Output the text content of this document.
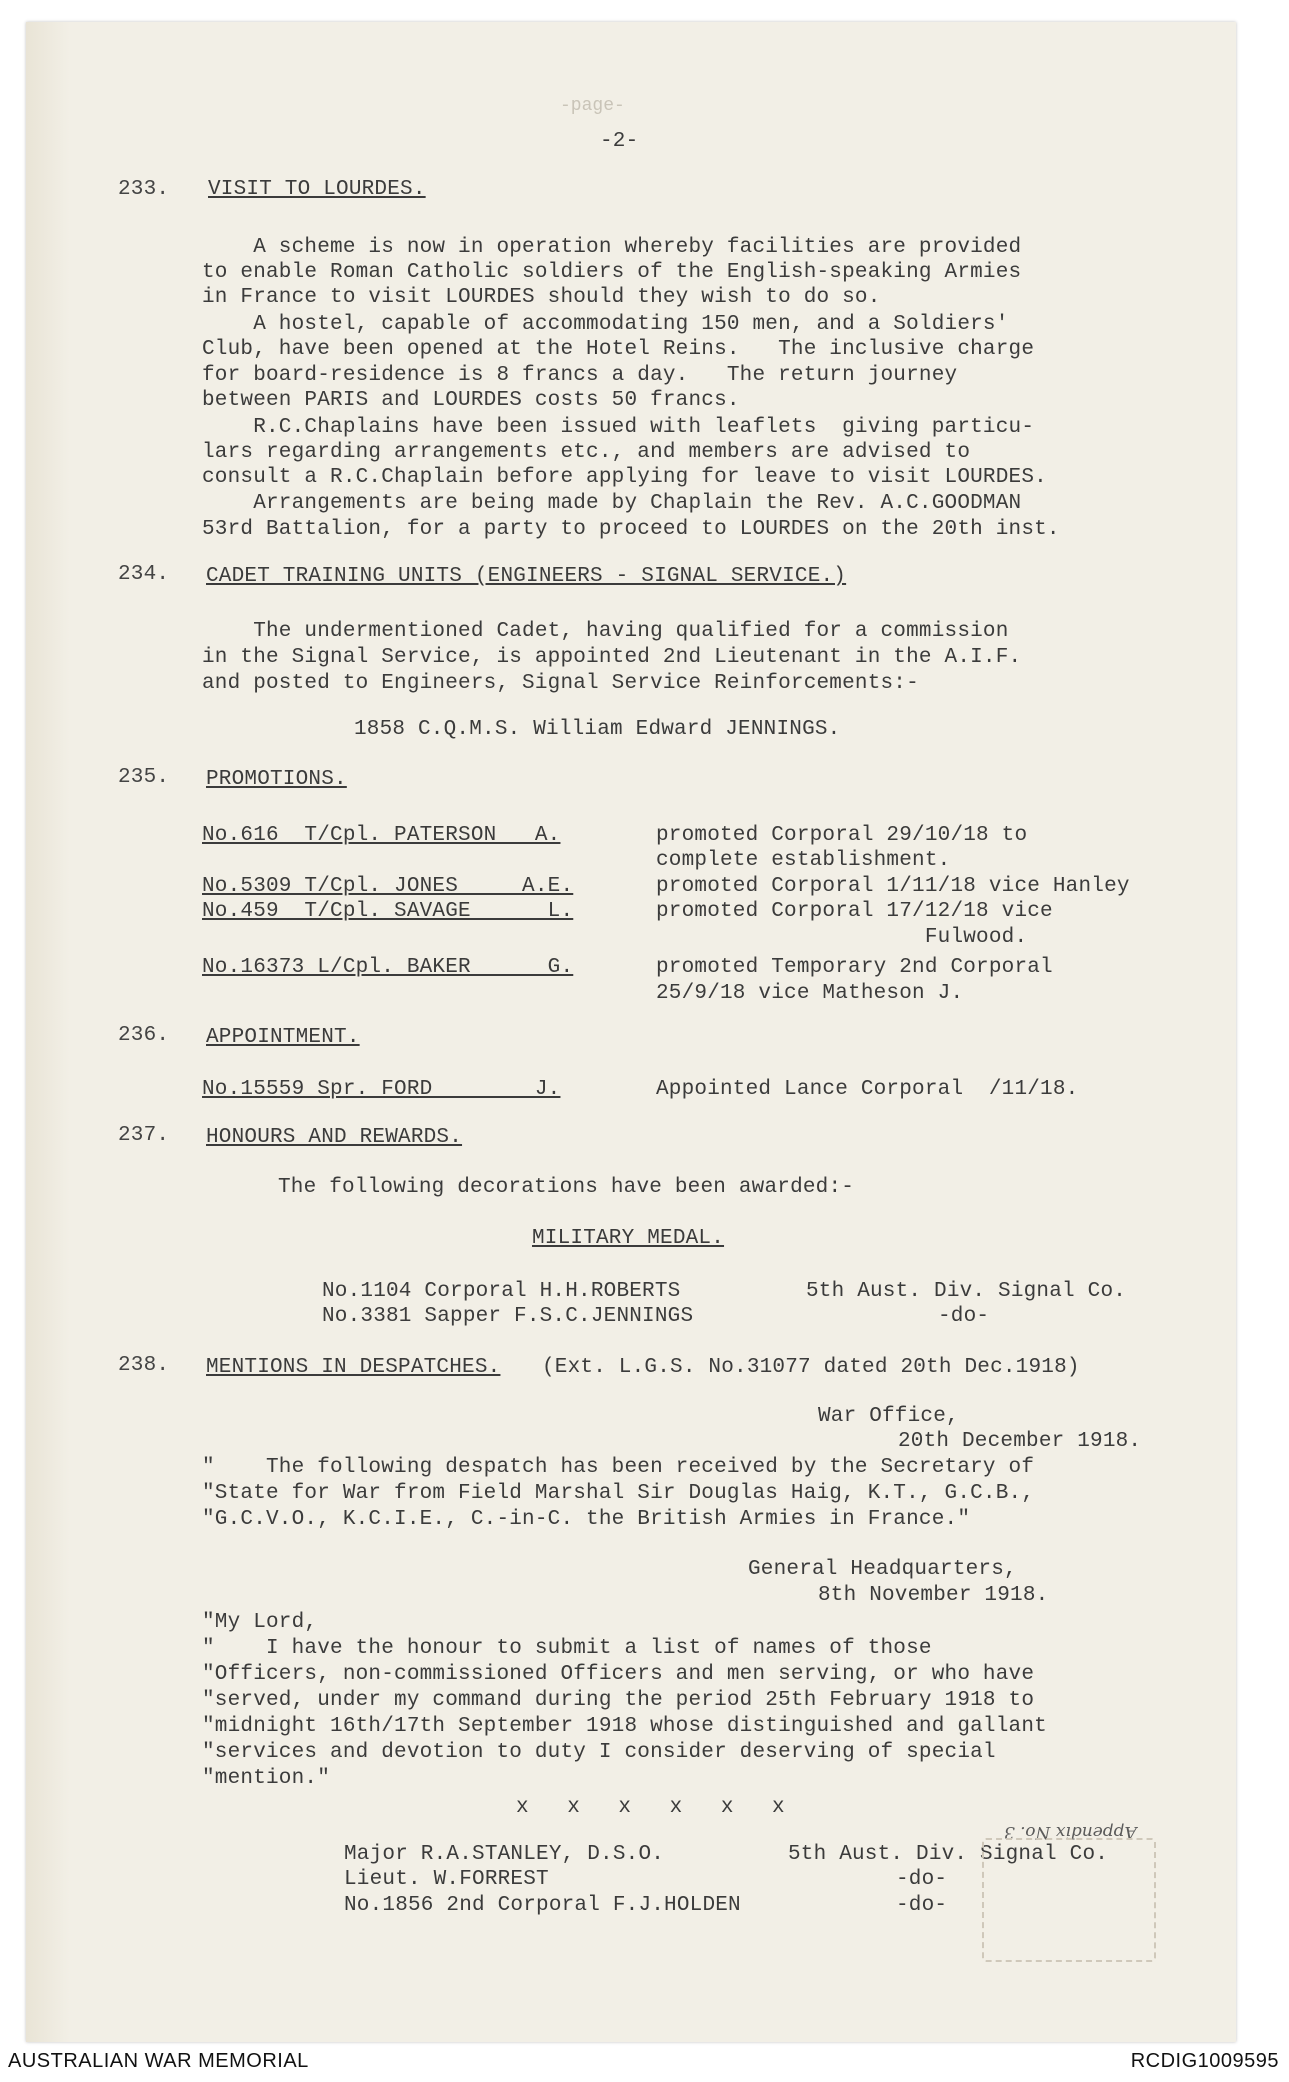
-page-
-2-
233. VISIT TO LOURDES.
A scheme is now in operation whereby facilities are provided
to enable Roman Catholic soldiers of the English-speaking Armies
in France to visit LOURDES should they wish to do so.
A hostel, capable of accommodating 150 men, and a Soldiers'
Club, have been opened at the Hotel Reins.   The inclusive charge
for board-residence is 8 francs a day.   The return journey
between PARIS and LOURDES costs 50 francs.
R.C.Chaplains have been issued with leaflets  giving particu-
lars regarding arrangements etc., and members are advised to
consult a R.C.Chaplain before applying for leave to visit LOURDES.
Arrangements are being made by Chaplain the Rev. A.C.GOODMAN
53rd Battalion, for a party to proceed to LOURDES on the 20th inst.
234. CADET TRAINING UNITS (ENGINEERS - SIGNAL SERVICE.)
The undermentioned Cadet, having qualified for a commission
in the Signal Service, is appointed 2nd Lieutenant in the A.I.F.
and posted to Engineers, Signal Service Reinforcements:-
1858 C.Q.M.S. William Edward JENNINGS.
235. PROMOTIONS.
No.616  T/Cpl. PATERSON   A.	promoted Corporal 29/10/18 to
complete establishment.
No.5309 T/Cpl. JONES     A.E.	promoted Corporal 1/11/18 vice Hanley
No.459  T/Cpl. SAVAGE      L.	promoted Corporal 17/12/18 vice
Fulwood.
No.16373 L/Cpl. BAKER      G.	promoted Temporary 2nd Corporal
25/9/18 vice Matheson J.
236. APPOINTMENT.
No.15559 Spr. FORD        J.	Appointed Lance Corporal  /11/18.
237. HONOURS AND REWARDS.
The following decorations have been awarded:-
MILITARY MEDAL.
No.1104 Corporal H.H.ROBERTS	5th Aust. Div. Signal Co.
No.3381 Sapper F.S.C.JENNINGS	-do-
238. MENTIONS IN DESPATCHES. (Ext. L.G.S. No.31077 dated 20th Dec.1918)
War Office,
20th December 1918.
"    The following despatch has been received by the Secretary of
"State for War from Field Marshal Sir Douglas Haig, K.T., G.C.B.,
"G.C.V.O., K.C.I.E., C.-in-C. the British Armies in France."
General Headquarters,
8th November 1918.
"My Lord,
"    I have the honour to submit a list of names of those
"Officers, non-commissioned Officers and men serving, or who have
"served, under my command during the period 25th February 1918 to
"midnight 16th/17th September 1918 whose distinguished and gallant
"services and devotion to duty I consider deserving of special
"mention."
x   x   x   x   x   x
Major R.A.STANLEY, D.S.O.	5th Aust. Div. Signal Co.
Lieut. W.FORREST	-do-
No.1856 2nd Corporal F.J.HOLDEN	-do-
Appendix No. 3
AUSTRALIAN WAR MEMORIAL	RCDIG1009595
